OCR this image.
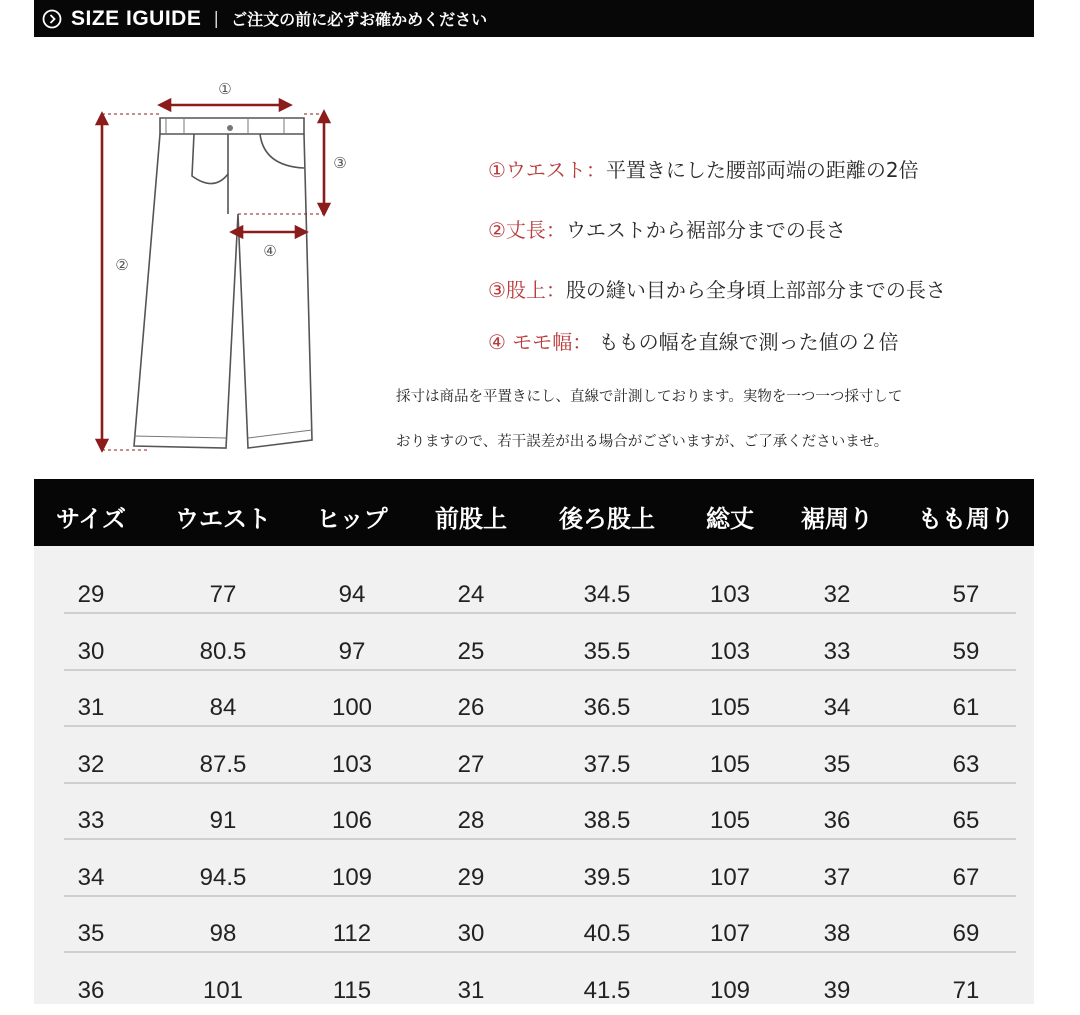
SIZE IGUIDE | ご注文の前に必ずお確かめください
①
②
③
④
①ウエスト：平置きにした腰部両端の距離の2倍
②丈長：ウエストから裾部分までの長さ
③股上：股の縫い目から全身頃上部部分までの長さ
④ モモ幅： ももの幅を直線で測った値の２倍
採寸は商品を平置きにし、直線で計測しております。実物を一つ一つ採寸して
おりますので、若干誤差が出る場合がございますが、ご了承くださいませ。
サイズ ウエスト ヒップ 前股上 後ろ股上 総丈 裾周り もも周り
29	77	94	24	34.5	103	32	57
30	80.5	97	25	35.5	103	33	59
31	84	100	26	36.5	105	34	61
32	87.5	103	27	37.5	105	35	63
33	91	106	28	38.5	105	36	65
34	94.5	109	29	39.5	107	37	67
35	98	112	30	40.5	107	38	69
36	101	115	31	41.5	109	39	71
